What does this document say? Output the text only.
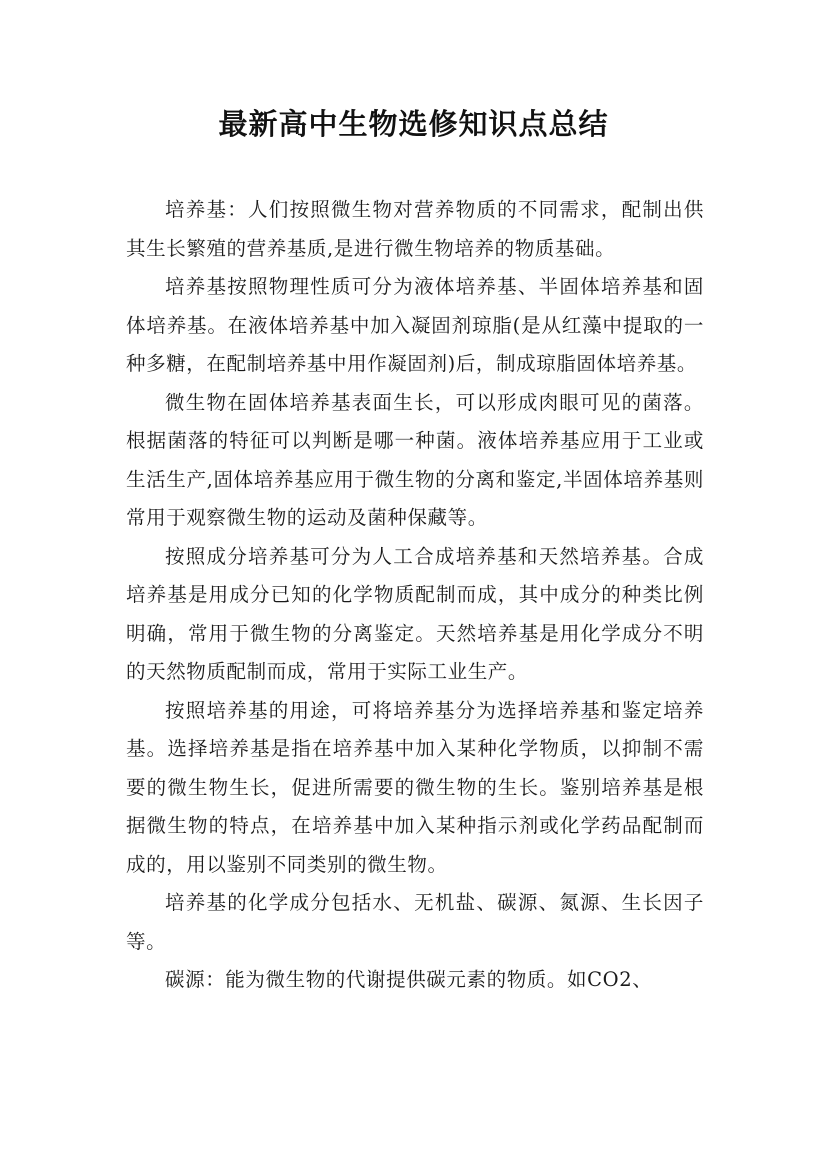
最新高中生物选修知识点总结

培养基：人们按照微生物对营养物质的不同需求，配制出供其生长繁殖的营养基质,是进行微生物培养的物质基础。

培养基按照物理性质可分为液体培养基、半固体培养基和固体培养基。在液体培养基中加入凝固剂琼脂(是从红藻中提取的一种多糖，在配制培养基中用作凝固剂)后，制成琼脂固体培养基。

微生物在固体培养基表面生长，可以形成肉眼可见的菌落。根据菌落的特征可以判断是哪一种菌。液体培养基应用于工业或生活生产,固体培养基应用于微生物的分离和鉴定,半固体培养基则常用于观察微生物的运动及菌种保藏等。

按照成分培养基可分为人工合成培养基和天然培养基。合成培养基是用成分已知的化学物质配制而成，其中成分的种类比例明确，常用于微生物的分离鉴定。天然培养基是用化学成分不明的天然物质配制而成，常用于实际工业生产。

按照培养基的用途，可将培养基分为选择培养基和鉴定培养基。选择培养基是指在培养基中加入某种化学物质，以抑制不需要的微生物生长，促进所需要的微生物的生长。鉴别培养基是根据微生物的特点，在培养基中加入某种指示剂或化学药品配制而成的，用以鉴别不同类别的微生物。

培养基的化学成分包括水、无机盐、碳源、氮源、生长因子等。

碳源：能为微生物的代谢提供碳元素的物质。如CO2、
